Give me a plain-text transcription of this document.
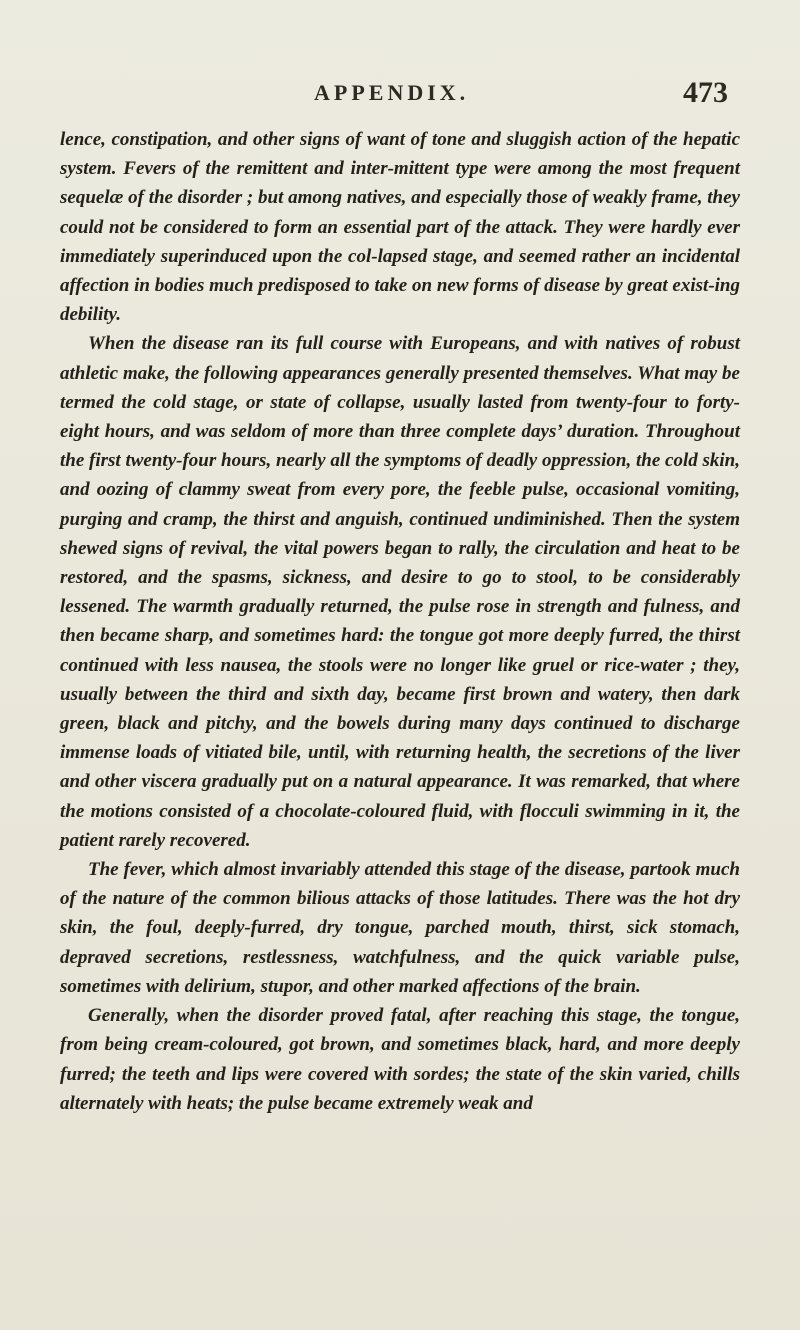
APPENDIX.	473

lence, constipation, and other signs of want of tone and sluggish action of the hepatic system. Fevers of the remittent and inter-mittent type were among the most frequent sequelæ of the disorder ; but among natives, and especially those of weakly frame, they could not be considered to form an essential part of the attack. They were hardly ever immediately superinduced upon the col-lapsed stage, and seemed rather an incidental affection in bodies much predisposed to take on new forms of disease by great exist-ing debility.

When the disease ran its full course with Europeans, and with natives of robust athletic make, the following appearances generally presented themselves. What may be termed the cold stage, or state of collapse, usually lasted from twenty-four to forty-eight hours, and was seldom of more than three complete days’ duration. Throughout the first twenty-four hours, nearly all the symptoms of deadly oppression, the cold skin, and oozing of clammy sweat from every pore, the feeble pulse, occasional vomiting, purging and cramp, the thirst and anguish, continued undiminished. Then the system shewed signs of revival, the vital powers began to rally, the circulation and heat to be restored, and the spasms, sickness, and desire to go to stool, to be considerably lessened. The warmth gradually returned, the pulse rose in strength and fulness, and then became sharp, and sometimes hard: the tongue got more deeply furred, the thirst continued with less nausea, the stools were no longer like gruel or rice-water ; they, usually between the third and sixth day, became first brown and watery, then dark green, black and pitchy, and the bowels during many days continued to discharge immense loads of vitiated bile, until, with returning health, the secretions of the liver and other viscera gradually put on a natural appearance. It was remarked, that where the motions consisted of a chocolate-coloured fluid, with flocculi swimming in it, the patient rarely recovered.

The fever, which almost invariably attended this stage of the disease, partook much of the nature of the common bilious attacks of those latitudes. There was the hot dry skin, the foul, deeply-furred, dry tongue, parched mouth, thirst, sick stomach, depraved secretions, restlessness, watchfulness, and the quick variable pulse, sometimes with delirium, stupor, and other marked affections of the brain.

Generally, when the disorder proved fatal, after reaching this stage, the tongue, from being cream-coloured, got brown, and sometimes black, hard, and more deeply furred; the teeth and lips were covered with sordes; the state of the skin varied, chills alternately with heats; the pulse became extremely weak and
